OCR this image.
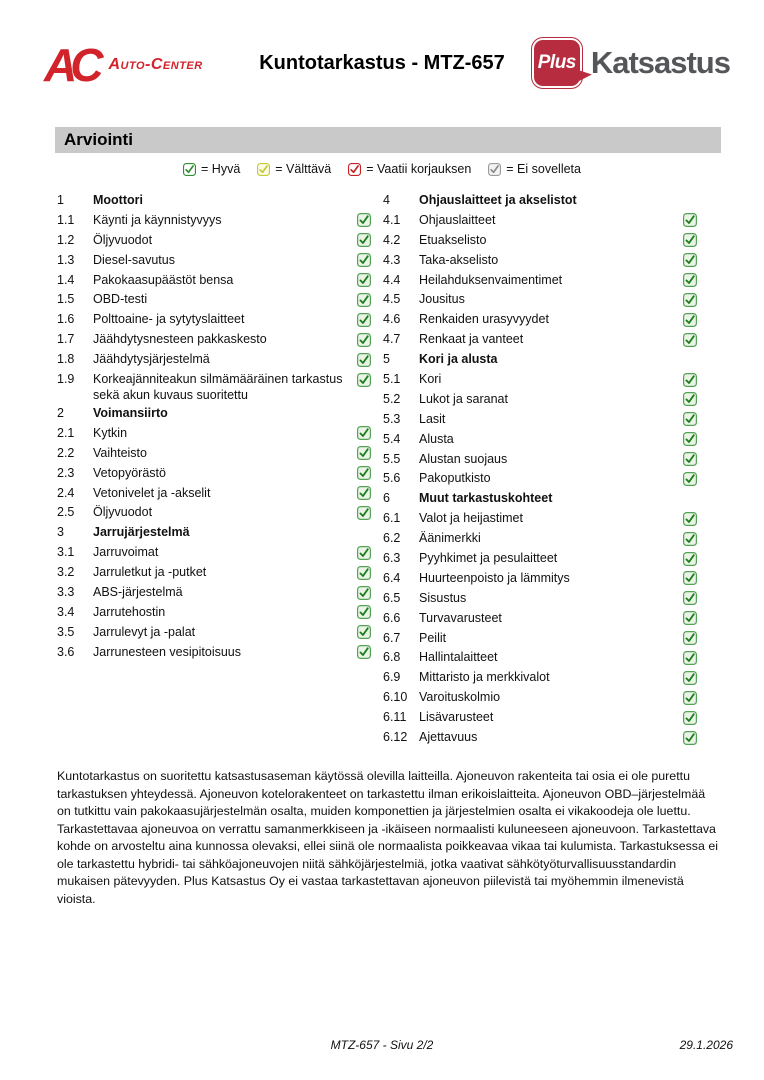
AC Auto-Center	Kuntotarkastus - MTZ-657	Plus Katsastus
Arviointi
= Hyvä	= Välttävä	= Vaatii korjauksen	= Ei sovelleta
1	Moottori
1.1	Käynti ja käynnistyvyys
1.2	Öljyvuodot
1.3	Diesel-savutus
1.4	Pakokaasupäästöt bensa
1.5	OBD-testi
1.6	Polttoaine- ja sytytyslaitteet
1.7	Jäähdytysnesteen pakkaskesto
1.8	Jäähdytysjärjestelmä
1.9	Korkeajänniteakun silmämääräinen tarkastus sekä akun kuvaus suoritettu
2	Voimansiirto
2.1	Kytkin
2.2	Vaihteisto
2.3	Vetopyörästö
2.4	Vetonivelet ja -akselit
2.5	Öljyvuodot
3	Jarrujärjestelmä
3.1	Jarruvoimat
3.2	Jarruletkut ja -putket
3.3	ABS-järjestelmä
3.4	Jarrutehostin
3.5	Jarrulevyt ja -palat
3.6	Jarrunesteen vesipitoisuus
4	Ohjauslaitteet ja akselistot
4.1	Ohjauslaitteet
4.2	Etuakselisto
4.3	Taka-akselisto
4.4	Heilahduksenvaimentimet
4.5	Jousitus
4.6	Renkaiden urasyvyydet
4.7	Renkaat ja vanteet
5	Kori ja alusta
5.1	Kori
5.2	Lukot ja saranat
5.3	Lasit
5.4	Alusta
5.5	Alustan suojaus
5.6	Pakoputkisto
6	Muut tarkastuskohteet
6.1	Valot ja heijastimet
6.2	Äänimerkki
6.3	Pyyhkimet ja pesulaitteet
6.4	Huurteenpoisto ja lämmitys
6.5	Sisustus
6.6	Turvavarusteet
6.7	Peilit
6.8	Hallintalaitteet
6.9	Mittaristo ja merkkivalot
6.10 Varoituskolmio
6.11	Lisävarusteet
6.12 Ajettavuus

Kuntotarkastus on suoritettu katsastusaseman käytössä olevilla laitteilla. Ajoneuvon rakenteita tai osia ei ole purettu tarkastuksen yhteydessä. Ajoneuvon kotelorakenteet on tarkastettu ilman erikoislaitteita. Ajoneuvon OBD–järjestelmää on tutkittu vain pakokaasujärjestelmän osalta, muiden komponettien ja järjestelmien osalta ei vikakoodeja ole luettu. Tarkastettavaa ajoneuvoa on verrattu samanmerkkiseen ja -ikäiseen normaalisti kuluneeseen ajoneuvoon. Tarkastettava kohde on arvosteltu aina kunnossa olevaksi, ellei siinä ole normaalista poikkeavaa vikaa tai kulumista. Tarkastuksessa ei ole tarkastettu hybridi- tai sähköajoneuvojen niitä sähköjärjestelmiä, jotka vaativat sähkötyöturvallisuusstandardin mukaisen pätevyyden. Plus Katsastus Oy ei vastaa tarkastettavan ajoneuvon piilevistä tai myöhemmin ilmenevistä vioista.

MTZ-657 - Sivu 2/2	29.1.2026
